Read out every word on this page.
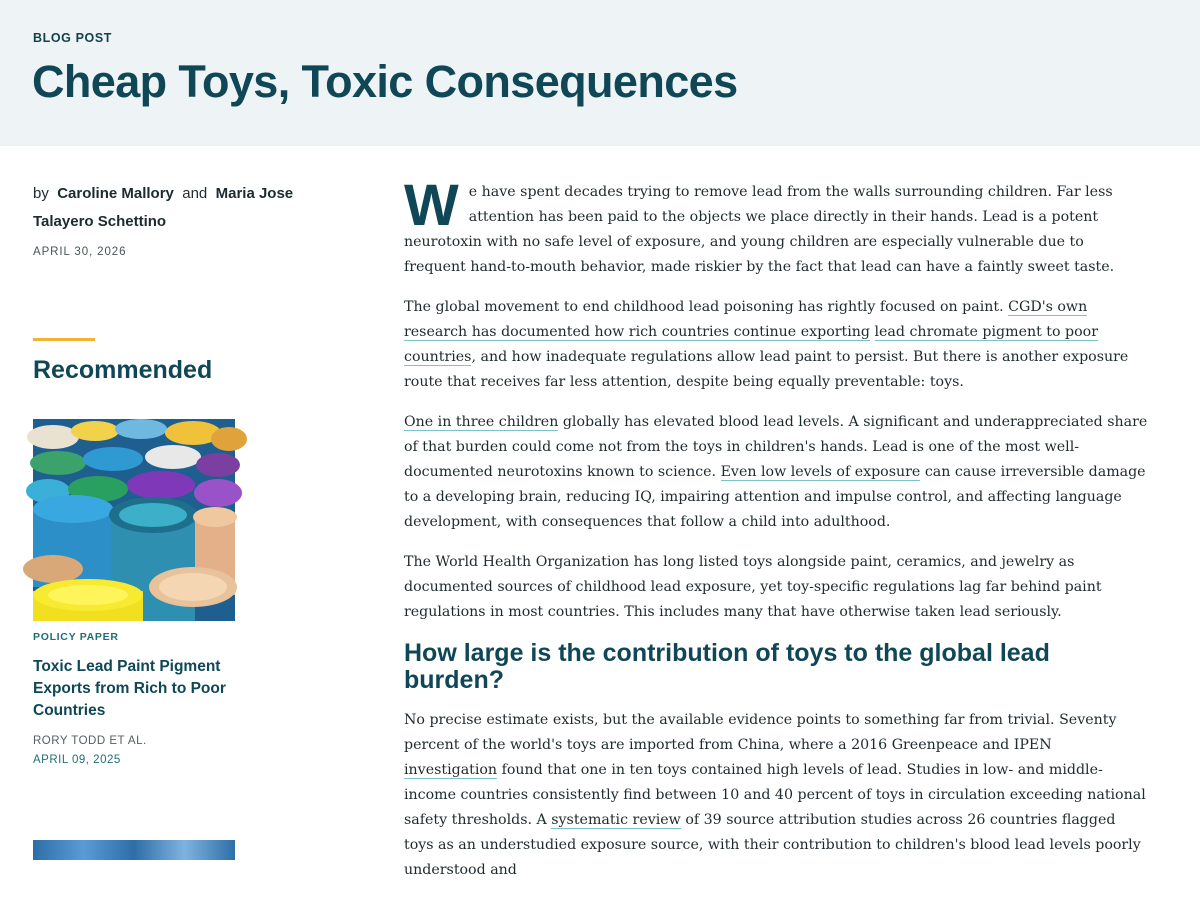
BLOG POST
Cheap Toys, Toxic Consequences
by Caroline Mallory and Maria Jose Talayero Schettino
APRIL 30, 2026
Recommended
POLICY PAPER
Toxic Lead Paint Pigment Exports from Rich to Poor Countries
RORY TODD ET AL.
APRIL 09, 2025

We have spent decades trying to remove lead from the walls surrounding children. Far less attention has been paid to the objects we place directly in their hands. Lead is a potent neurotoxin with no safe level of exposure, and young children are especially vulnerable due to frequent hand-to-mouth behavior, made riskier by the fact that lead can have a faintly sweet taste.

The global movement to end childhood lead poisoning has rightly focused on paint. CGD's own research has documented how rich countries continue exporting lead chromate pigment to poor countries, and how inadequate regulations allow lead paint to persist. But there is another exposure route that receives far less attention, despite being equally preventable: toys.

One in three children globally has elevated blood lead levels. A significant and underappreciated share of that burden could come not from the toys in children's hands. Lead is one of the most well-documented neurotoxins known to science. Even low levels of exposure can cause irreversible damage to a developing brain, reducing IQ, impairing attention and impulse control, and affecting language development, with consequences that follow a child into adulthood.

The World Health Organization has long listed toys alongside paint, ceramics, and jewelry as documented sources of childhood lead exposure, yet toy-specific regulations lag far behind paint regulations in most countries. This includes many that have otherwise taken lead seriously.

How large is the contribution of toys to the global lead burden?

No precise estimate exists, but the available evidence points to something far from trivial. Seventy percent of the world's toys are imported from China, where a 2016 Greenpeace and IPEN investigation found that one in ten toys contained high levels of lead. Studies in low- and middle-income countries consistently find between 10 and 40 percent of toys in circulation exceeding national safety thresholds. A systematic review of 39 source attribution studies across 26 countries flagged toys as an understudied exposure source, with their contribution to children's blood lead levels poorly understood and
